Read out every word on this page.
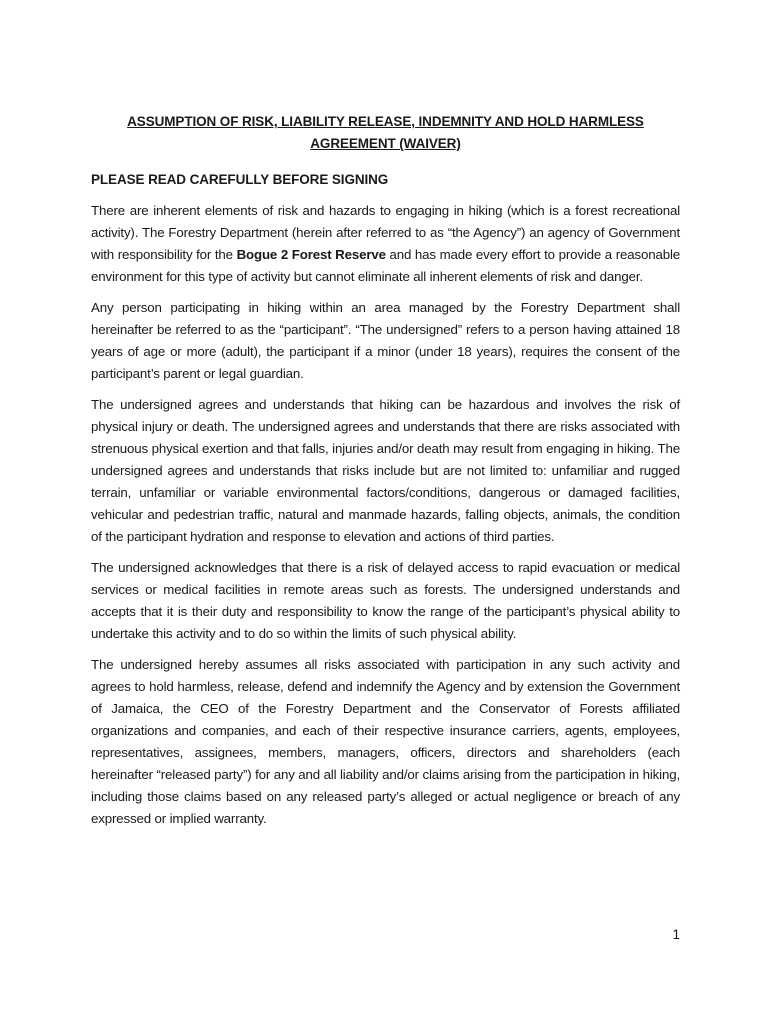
ASSUMPTION OF RISK, LIABILITY RELEASE, INDEMNITY AND HOLD HARMLESS AGREEMENT (WAIVER)
PLEASE READ CAREFULLY BEFORE SIGNING

There are inherent elements of risk and hazards to engaging in hiking (which is a forest recreational activity). The Forestry Department (herein after referred to as “the Agency”) an agency of Government with responsibility for the Bogue 2 Forest Reserve and has made every effort to provide a reasonable environment for this type of activity but cannot eliminate all inherent elements of risk and danger.

Any person participating in hiking within an area managed by the Forestry Department shall hereinafter be referred to as the “participant”. “The undersigned” refers to a person having attained 18 years of age or more (adult), the participant if a minor (under 18 years), requires the consent of the participant’s parent or legal guardian.

The undersigned agrees and understands that hiking can be hazardous and involves the risk of physical injury or death. The undersigned agrees and understands that there are risks associated with strenuous physical exertion and that falls, injuries and/or death may result from engaging in hiking. The undersigned agrees and understands that risks include but are not limited to: unfamiliar and rugged terrain, unfamiliar or variable environmental factors/conditions, dangerous or damaged facilities, vehicular and pedestrian traffic, natural and manmade hazards, falling objects, animals, the condition of the participant hydration and response to elevation and actions of third parties.

The undersigned acknowledges that there is a risk of delayed access to rapid evacuation or medical services or medical facilities in remote areas such as forests. The undersigned understands and accepts that it is their duty and responsibility to know the range of the participant’s physical ability to undertake this activity and to do so within the limits of such physical ability.

The undersigned hereby assumes all risks associated with participation in any such activity and agrees to hold harmless, release, defend and indemnify the Agency and by extension the Government of Jamaica, the CEO of the Forestry Department and the Conservator of Forests affiliated organizations and companies, and each of their respective insurance carriers, agents, employees, representatives, assignees, members, managers, officers, directors and shareholders (each hereinafter “released party”) for any and all liability and/or claims arising from the participation in hiking, including those claims based on any released party’s alleged or actual negligence or breach of any expressed or implied warranty.

1
